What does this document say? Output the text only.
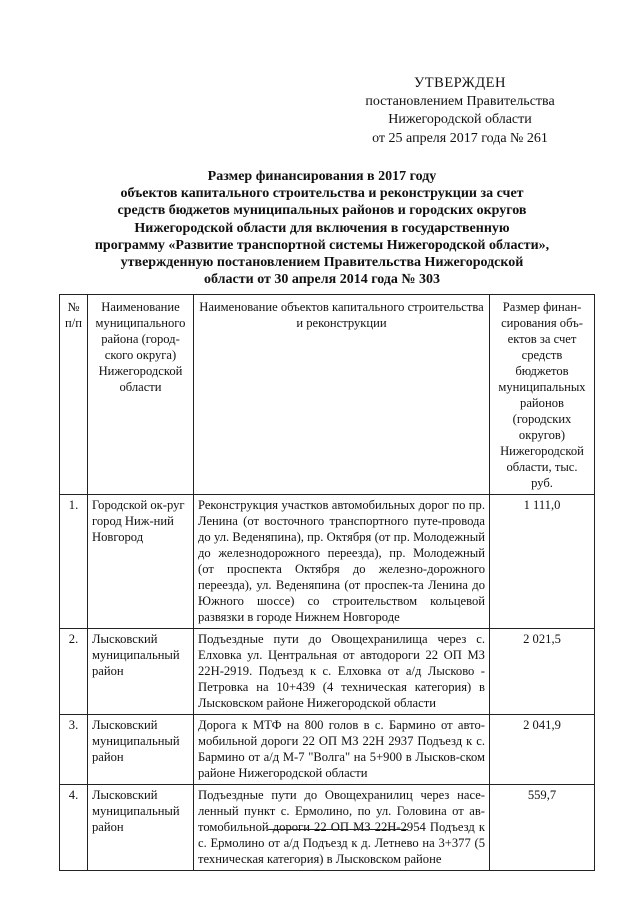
УТВЕРЖДЕН
постановлением Правительства
Нижегородской области
от 25 апреля 2017 года № 261
Размер финансирования в 2017 году
объектов капитального строительства и реконструкции за счет
средств бюджетов муниципальных районов и городских округов
Нижегородской области для включения в государственную
программу «Развитие транспортной системы Нижегородской области»,
утвержденную постановлением Правительства Нижегородской
области от 30 апреля 2014 года № 303
№ п/п	Наименование муниципального района (город-ского округа) Нижегородской области	Наименование объектов капитального строительства и реконструкции	Размер финан-сирования объ-ектов за счет средств бюджетов муниципальных районов (городских округов) Нижегородской области, тыс. руб.
1.	Городской ок-руг город Ниж-ний Новгород	Реконструкция участков автомобильных дорог по пр. Ленина (от восточного транспортного путе-провода до ул. Веденяпина), пр. Октября (от пр. Молодежный до железнодорожного переезда), пр. Молодежный (от проспекта Октября до железно-дорожного переезда), ул. Веденяпина (от проспек-та Ленина до Южного шоссе) со строительством кольцевой развязки в городе Нижнем Новгороде	1 111,0
2.	Лысковский муниципальный район	Подъездные пути до Овощехранилища через с. Елховка ул. Центральная от автодороги 22 ОП МЗ 22Н-2919. Подъезд к с. Елховка от а/д Лысково - Петровка на 10+439 (4 техническая категория) в Лысковском районе Нижегородской области	2 021,5
3.	Лысковский муниципальный район	Дорога к МТФ на 800 голов в с. Бармино от авто-мобильной дороги 22 ОП МЗ 22Н 2937 Подъезд к с. Бармино от а/д М-7 "Волга" на 5+900 в Лысков-ском районе Нижегородской области	2 041,9
4.	Лысковский муниципальный район	Подъездные пути до Овощехранилиц через насе-ленный пункт с. Ермолино, по ул. Головина от ав-томобильной дороги 22 ОП МЗ 22Н-2954 Подъезд к с. Ермолино от а/д Подъезд к д. Летнево на 3+377 (5 техническая категория) в Лысковском районе	559,7
